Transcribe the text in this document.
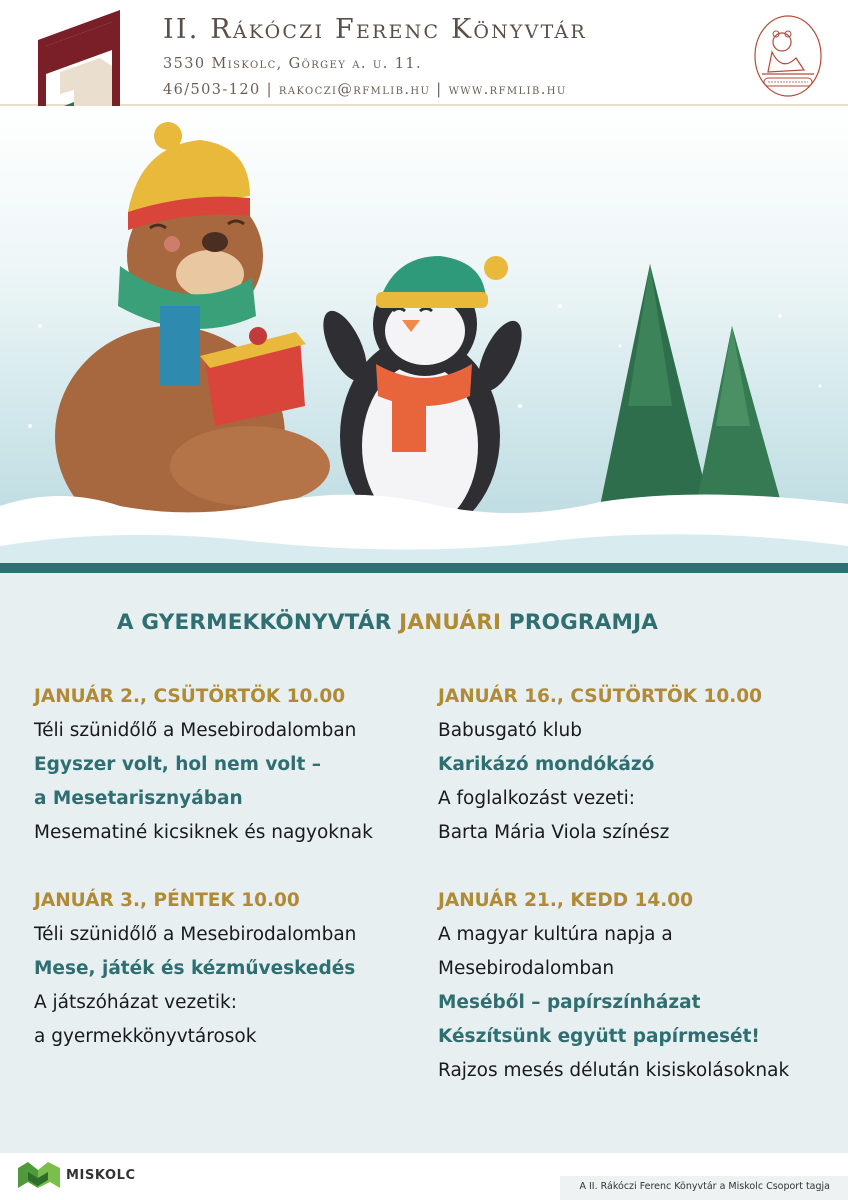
II. Rákóczi Ferenc Könyvtár
3530 Miskolc, Görgey a. u. 11.
46/503-120 | rakoczi@rfmlib.hu | www.rfmlib.hu
A GYERMEKKÖNYVTÁR JANUÁRI PROGRAMJA
JANUÁR 2., CSÜTÖRTÖK 10.00
Téli szünidőlő a Mesebirodalomban
Egyszer volt, hol nem volt –
a Mesetarisznyában
Mesematiné kicsiknek és nagyoknak
JANUÁR 3., PÉNTEK 10.00
Téli szünidőlő a Mesebirodalomban
Mese, játék és kézműveskedés
A játszóházat vezetik:
a gyermekkönyvtárosok
JANUÁR 16., CSÜTÖRTÖK 10.00
Babusgató klub
Karikázó mondókázó
A foglalkozást vezeti:
Barta Mária Viola színész
JANUÁR 21., KEDD 14.00
A magyar kultúra napja a
Mesebirodalomban
Meséből – papírszínházat
Készítsünk együtt papírmesét!
Rajzos mesés délután kisiskolásoknak
MISKOLC
A II. Rákóczi Ferenc Könyvtár a Miskolc Csoport tagja
